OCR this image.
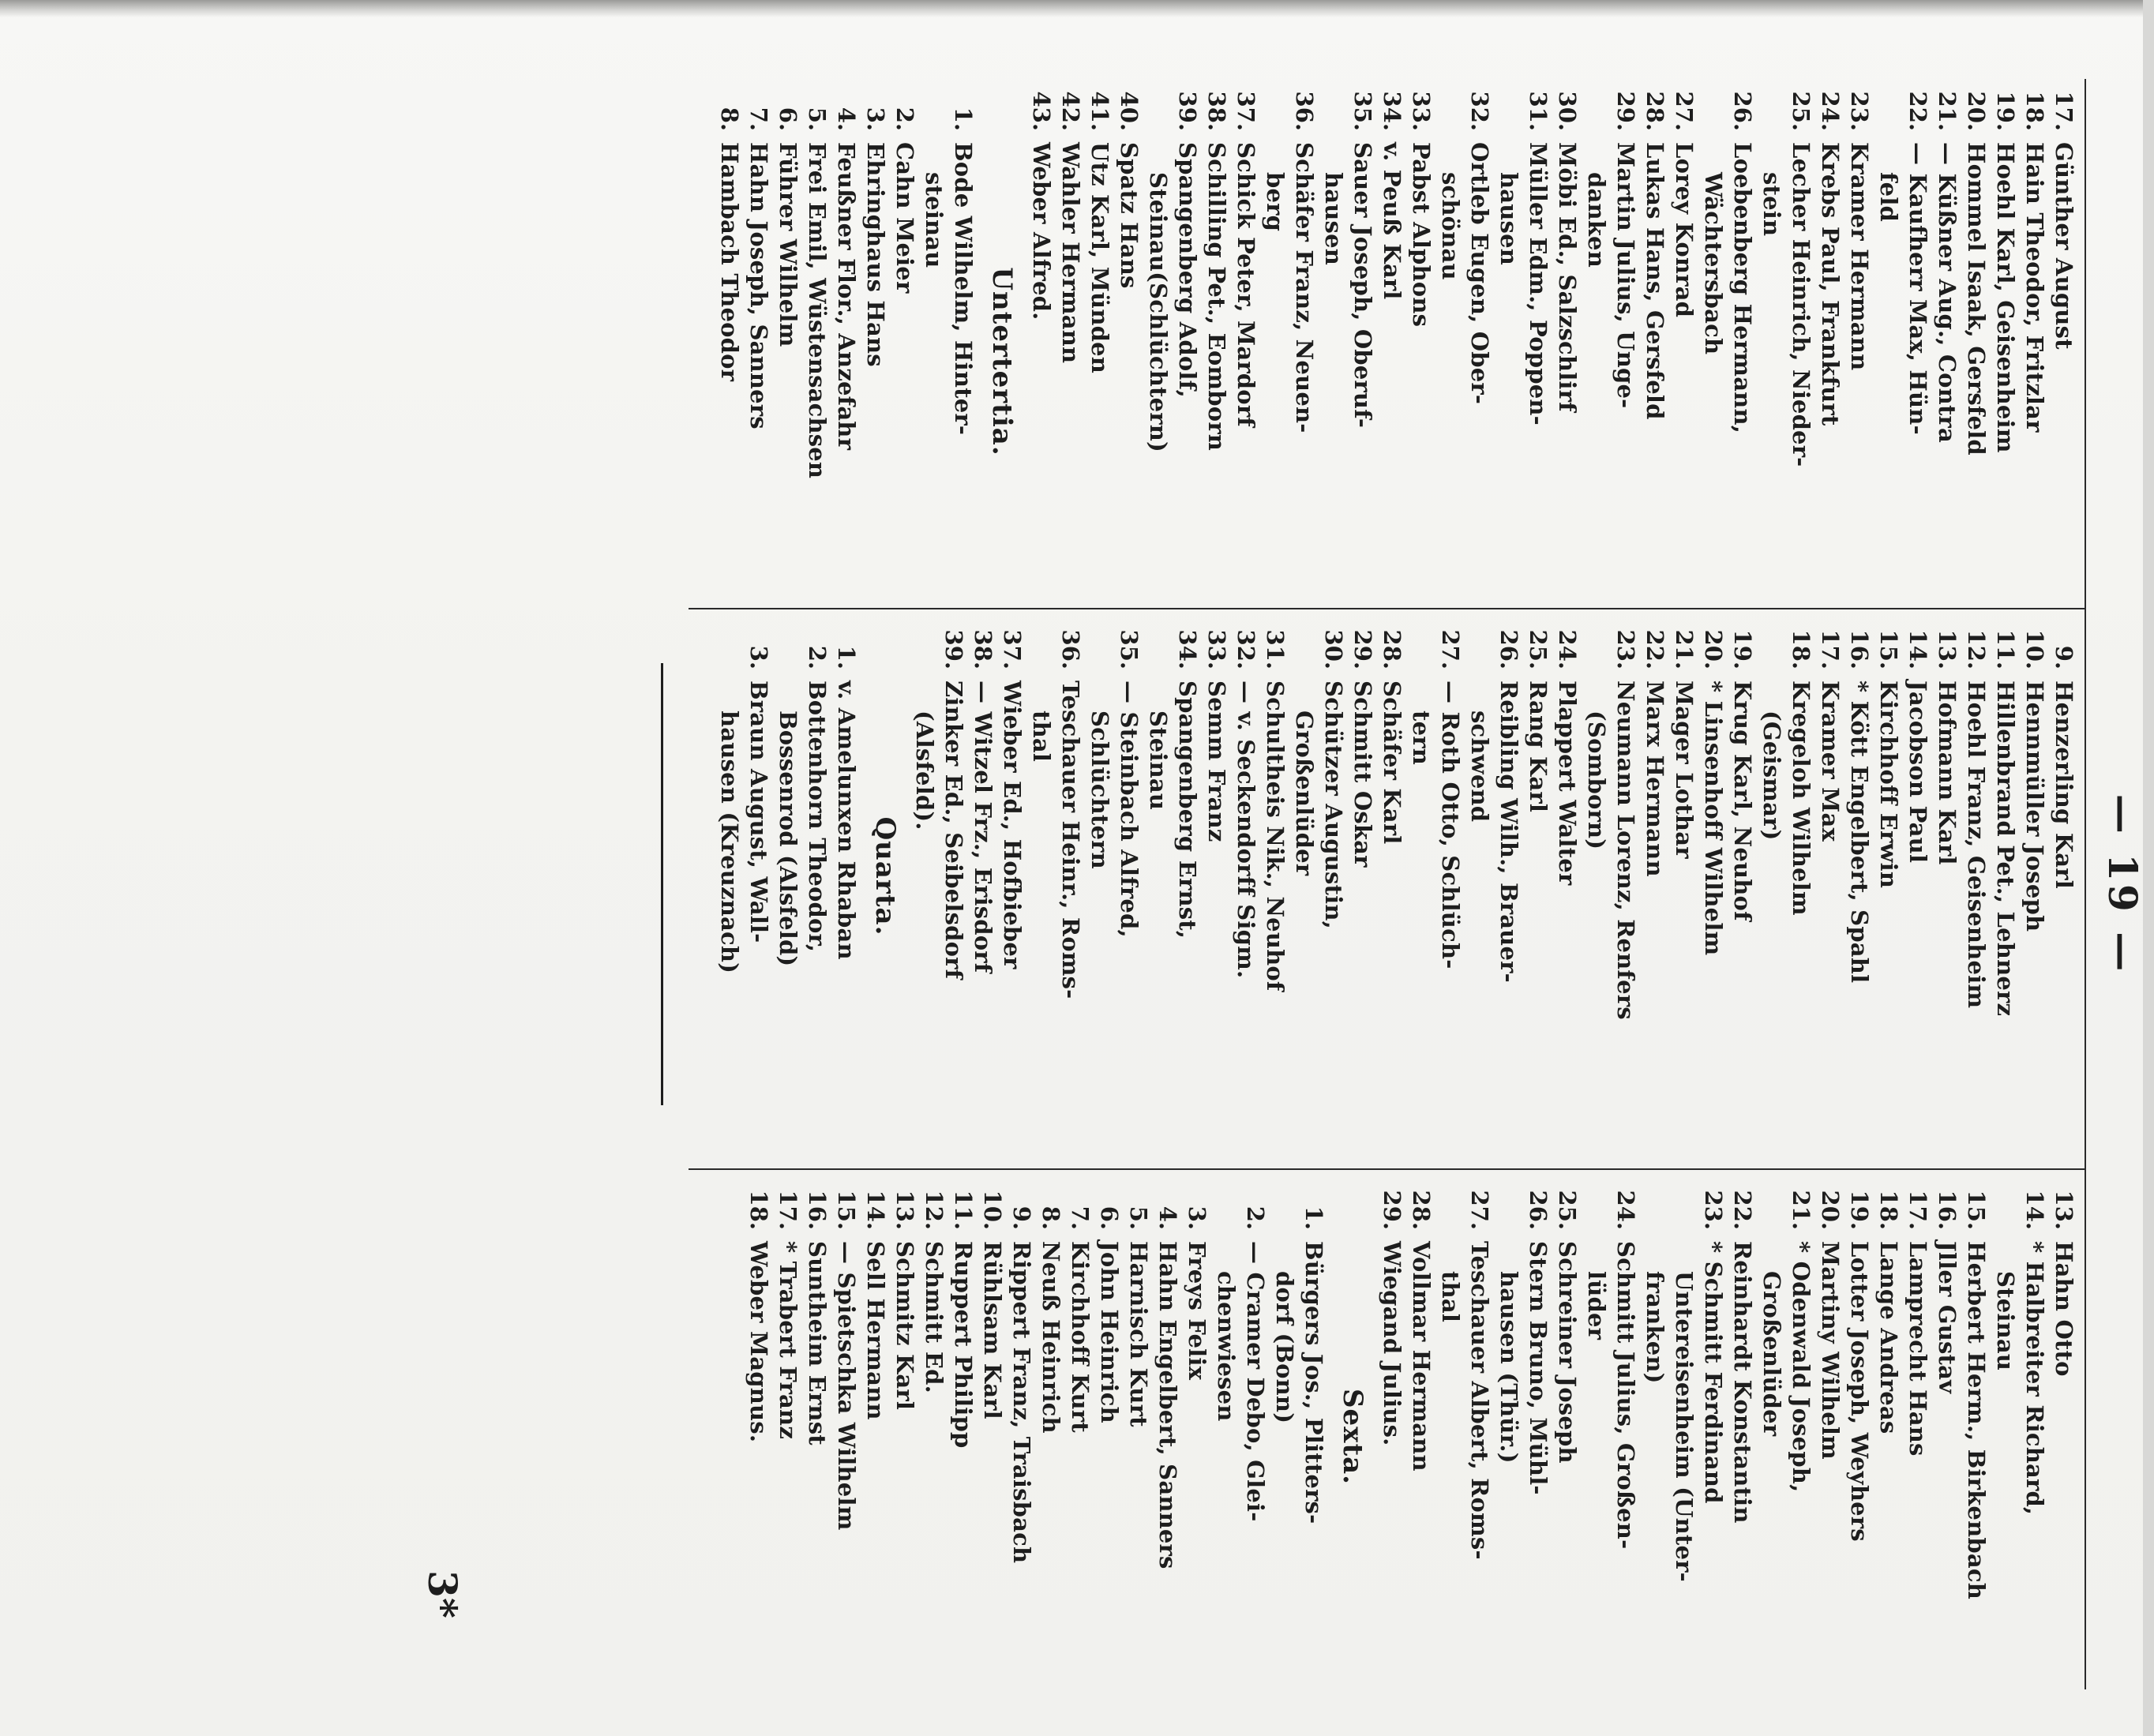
— 19 —
17.
Günther August
18.
Hain Theodor, Fritzlar
19.
Hoehl Karl, Geisenheim
20.
Hommel Isaak, Gersfeld
21.
— Küßner Aug., Contra
22.
— Kaufherr Max, Hün-
feld
23.
Kramer Hermann
24.
Krebs Paul, Frankfurt
25.
Lecher Heinrich, Nieder-
stein
26.
Loebenberg Hermann,
Wächtersbach
27.
Lorey Konrad
28.
Lukas Hans, Gersfeld
29.
Martin Julius, Unge-
danken
30.
Möbi Ed., Salzschlirf
31.
Müller Edm., Poppen-
hausen
32.
Ortleb Eugen, Ober-
schönau
33.
Pabst Alphons
34.
v. Peuß Karl
35.
Sauer Joseph, Oberuf-
hausen
36.
Schäfer Franz, Neuen-
berg
37.
Schick Peter, Mardorf
38.
Schilling Pet., Eomborn
39.
Spangenberg Adolf,
Steinau(Schlüchtern)
40.
Spatz Hans
41.
Utz Karl, Münden
42.
Wahler Hermann
43.
Weber Alfred.
Untertertia.
1.
Bode Wilhelm, Hinter-
steinau
2.
Cahn Meier
3.
Ehringhaus Hans
4.
Feußner Flor., Anzefahr
5.
Frei Emil, Wüstensachsen
6.
Führer Wilhelm
7.
Hahn Joseph, Sanners
8.
Hambach Theodor
9.
Henzerling Karl
10.
Hennmüller Joseph
11.
Hillenbrand Pet., Lehnerz
12.
Hoehl Franz, Geisenheim
13.
Hofmann Karl
14.
Jacobson Paul
15.
Kirchhoff Erwin
16.
* Kött Engelbert, Spahl
17.
Kramer Max
18.
Kregeloh Wilhelm
(Geismar)
19.
Krug Karl, Neuhof
20.
* Linsenhoff Wilhelm
21.
Mager Lothar
22.
Marx Hermann
23.
Neumann Lorenz, Renfers
(Somborn)
24.
Plappert Walter
25.
Rang Karl
26.
Reibling Wilh., Brauer-
schwend
27.
— Roth Otto, Schlüch-
tern
28.
Schäfer Karl
29.
Schmitt Oskar
30.
Schützer Augustin,
Großenlüder
31.
Schultheis Nik., Neuhof
32.
— v. Seckendorff Sigm.
33.
Semm Franz
34.
Spangenberg Ernst,
Steinau
35.
— Steinbach Alfred,
Schlüchtern
36.
Teschauer Heinr., Roms-
thal
37.
Wieber Ed., Hofbieber
38.
— Witzel Frz., Erisdorf
39.
Zinker Ed., Seibelsdorf
(Alsfeld).
Quarta.
1.
v. Amelunxen Rhaban
2.
Bottenhorn Theodor,
Bossenrod (Alsfeld)
3.
Braun August, Wall-
hausen (Kreuznach)
13.
Hahn Otto
14.
* Halbreiter Richard,
Steinau
15.
Herbert Herm., Birkenbach
16.
Jller Gustav
17.
Lamprecht Hans
18.
Lange Andreas
19.
Lotter Joseph, Weyhers
20.
Martiny Wilhelm
21.
* Odenwald Joseph,
Großenlüder
22.
Reinhardt Konstantin
23.
* Schmitt Ferdinand
Untereisenheim (Unter-
franken)
24.
Schmitt Julius, Großen-
lüder
25.
Schreiner Joseph
26.
Stern Bruno, Mühl-
hausen (Thür.)
27.
Teschauer Albert, Roms-
thal
28.
Vollmar Hermann
29.
Wiegand Julius.
Sexta.
1.
Bürgers Jos., Plitters-
dorf (Bonn)
2.
— Cramer Debo, Glei-
chenwiesen
3.
Freys Felix
4.
Hahn Engelbert, Sanners
5.
Harnisch Kurt
6.
John Heinrich
7.
Kirchhoff Kurt
8.
Neuß Heinrich
9.
Rippert Franz, Traisbach
10.
Rühlsam Karl
11.
Ruppert Philipp
12.
Schmitt Ed.
13.
Schmitz Karl
14.
Sell Hermann
15.
— Spietschka Wilhelm
16.
Suntheim Ernst
17.
* Trabert Franz
18.
Weber Magnus.
3*
